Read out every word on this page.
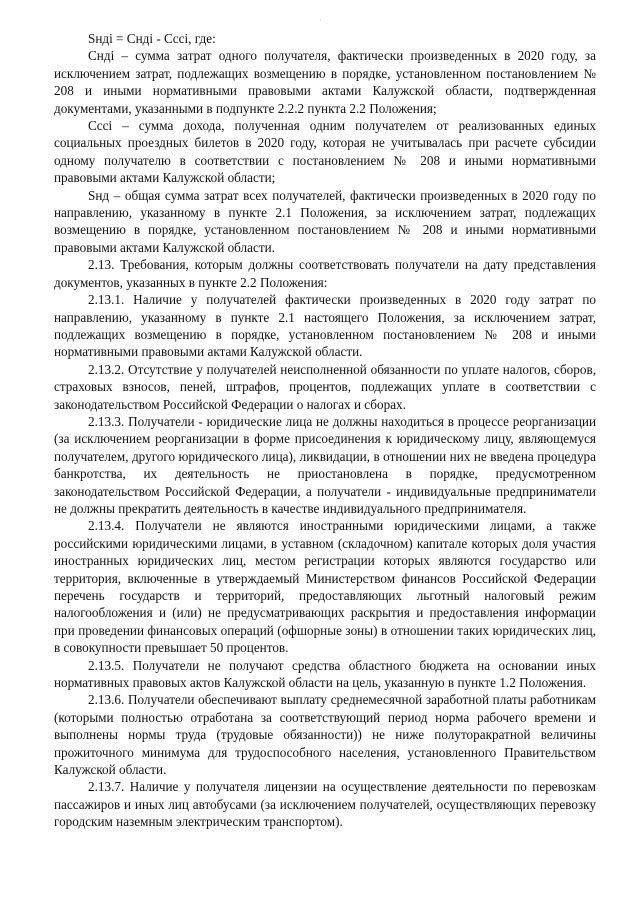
.

Sнді = Снді - Cссі, где:

Снді – сумма затрат одного получателя, фактически произведенных в 2020 году, за исключением затрат, подлежащих возмещению в порядке, установленном постановлением № 208 и иными нормативными правовыми актами Калужской области, подтвержденная документами, указанными в подпункте 2.2.2 пункта 2.2 Положения;

Cссі – сумма дохода, полученная одним получателем от реализованных единых социальных проездных билетов в 2020 году, которая не учитывалась при расчете субсидии одному получателю в соответствии с постановлением № 208 и иными нормативными правовыми актами Калужской области;

Sнд – общая сумма затрат всех получателей, фактически произведенных в 2020 году по направлению, указанному в пункте 2.1 Положения, за исключением затрат, подлежащих возмещению в порядке, установленном постановлением № 208 и иными нормативными правовыми актами Калужской области.

2.13. Требования, которым должны соответствовать получатели на дату представления документов, указанных в пункте 2.2 Положения:

2.13.1. Наличие у получателей фактически произведенных в 2020 году затрат по направлению, указанному в пункте 2.1 настоящего Положения, за исключением затрат, подлежащих возмещению в порядке, установленном постановлением № 208 и иными нормативными правовыми актами Калужской области.

2.13.2. Отсутствие у получателей неисполненной обязанности по уплате налогов, сборов, страховых взносов, пеней, штрафов, процентов, подлежащих уплате в соответствии с законодательством Российской Федерации о налогах и сборах.

2.13.3. Получатели - юридические лица не должны находиться в процессе реорганизации (за исключением реорганизации в форме присоединения к юридическому лицу, являющемуся получателем, другого юридического лица), ликвидации, в отношении них не введена процедура банкротства, их деятельность не приостановлена в порядке, предусмотренном законодательством Российской Федерации, а получатели - индивидуальные предприниматели не должны прекратить деятельность в качестве индивидуального предпринимателя.

2.13.4. Получатели не являются иностранными юридическими лицами, а также российскими юридическими лицами, в уставном (складочном) капитале которых доля участия иностранных юридических лиц, местом регистрации которых являются государство или территория, включенные в утверждаемый Министерством финансов Российской Федерации перечень государств и территорий, предоставляющих льготный налоговый режим налогообложения и (или) не предусматривающих раскрытия и предоставления информации при проведении финансовых операций (офшорные зоны) в отношении таких юридических лиц, в совокупности превышает 50 процентов.

2.13.5. Получатели не получают средства областного бюджета на основании иных нормативных правовых актов Калужской области на цель, указанную в пункте 1.2 Положения.

2.13.6. Получатели обеспечивают выплату среднемесячной заработной платы работникам (которыми полностью отработана за соответствующий период норма рабочего времени и выполнены нормы труда (трудовые обязанности)) не ниже полуторакратной величины прожиточного минимума для трудоспособного населения, установленного Правительством Калужской области.

2.13.7. Наличие у получателя лицензии на осуществление деятельности по перевозкам пассажиров и иных лиц автобусами (за исключением получателей, осуществляющих перевозку городским наземным электрическим транспортом).
